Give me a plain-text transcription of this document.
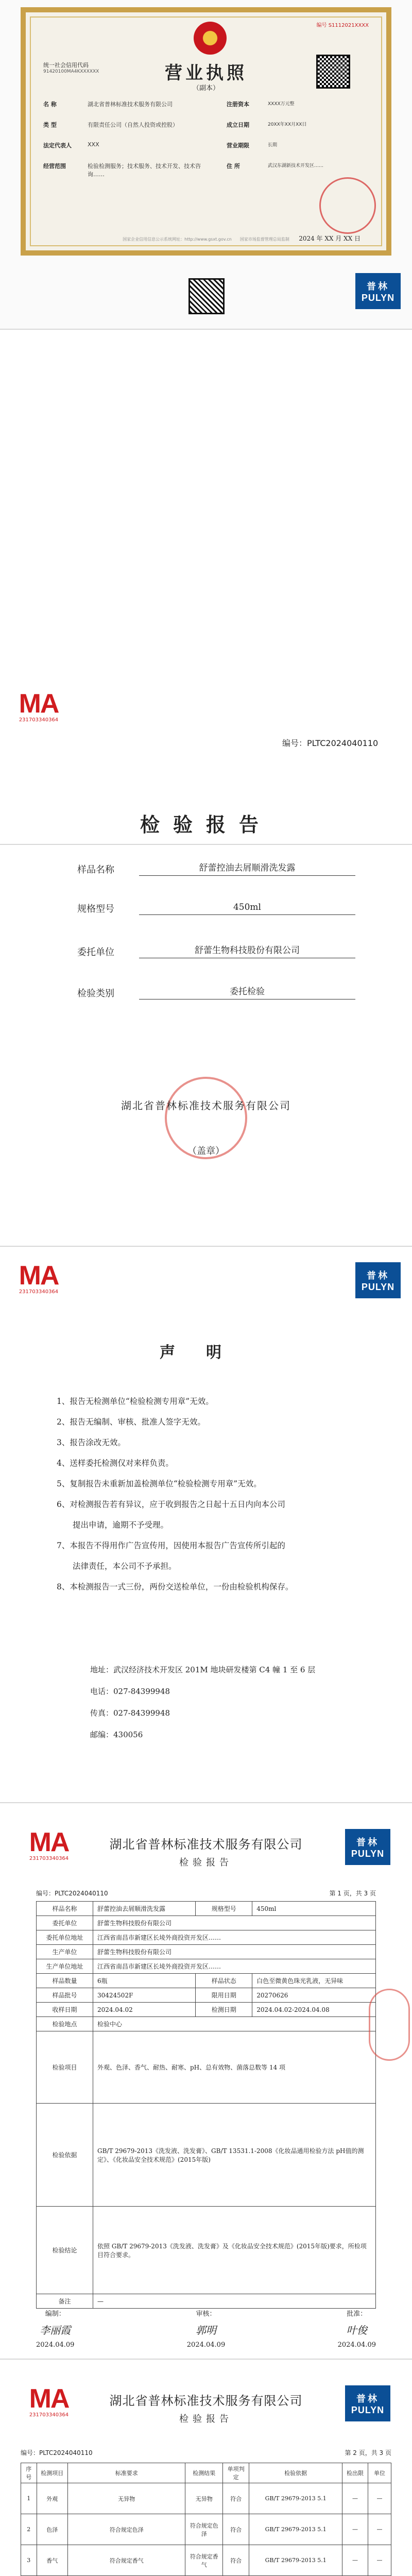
编号 S1112021XXXX
统一社会信用代码
91420100MA4KXXXXXX	营业执照
（副本）
名 称	湖北省普林标准技术服务有限公司
类 型	有限责任公司（自然人投资或控股）
法定代表人	XXX
经营范围	检验检测服务；技术服务、技术开发、技术咨询……
注册资本	XXXX万元整
成立日期	20XX年XX月XX日
营业期限	长期
住 所	武汉东湖新技术开发区……
2024 年 XX 月 XX 日
国家企业信用信息公示系统网址：http://www.gsxt.gov.cn　　国家市场监督管理总局监制
普林
PULYN
MA
231703340364
编号：PLTC2024040110
检验报告
样品名称	舒蕾控油去屑顺滑洗发露
规格型号	450ml
委托单位	舒蕾生物科技股份有限公司
检验类别	委托检验
湖北省普林标准技术服务有限公司
（盖章）
MA
231703340364
普林
PULYN
声明
1、报告无检测单位“检验检测专用章”无效。
2、报告无编制、审核、批准人签字无效。
3、报告涂改无效。
4、送样委托检测仅对来样负责。
5、复制报告未重新加盖检测单位“检验检测专用章”无效。
6、对检测报告若有异议，应于收到报告之日起十五日内向本公司
　　提出申请，逾期不予受理。
7、本报告不得用作广告宣传用，因使用本报告广告宣传所引起的
　　法律责任，本公司不予承担。
8、本检测报告一式三份，两份交送检单位，一份由检验机构保存。
地址： 武汉经济技术开发区 201M 地块研发楼第 C4 幢 1 至 6 层
电话： 027-84399948
传真： 027-84399948
邮编： 430056
MA
231703340364
普林
PULYN
湖北省普林标准技术服务有限公司
检验报告
编号：PLTC2024040110	第 1 页，共 3 页
样品名称	舒蕾控油去屑顺滑洗发露	规格型号	450ml
委托单位	舒蕾生物科技股份有限公司		
委托单位地址	江西省南昌市新建区长堎外商投资开发区……		
生产单位	舒蕾生物科技股份有限公司		
生产单位地址	江西省南昌市新建区长堎外商投资开发区……		
样品数量	6瓶	样品状态	白色至微黄色珠光乳液，无异味
样品批号	30424502F	限用日期	20270626
收样日期	2024.04.02	检测日期	2024.04.02-2024.04.08
检验地点	检验中心		
检验项目	外观、色泽、香气、耐热、耐寒、pH、总有效物、菌落总数等 14 项		
检验依据	GB/T 29679-2013《洗发液、洗发膏》、GB/T 13531.1-2008《化妆品通用检验方法 pH值的测定》、《化妆品安全技术规范》(2015年版)		
检验结论	依照 GB/T 29679-2013《洗发液、洗发膏》及《化妆品安全技术规范》(2015年版)要求，所检项目符合要求。		
备注	—		
编制：
李丽霞
2024.04.09
审核：
郭明
2024.04.09
批准：
叶俊
2024.04.09
MA
231703340364
普林
PULYN
湖北省普林标准技术服务有限公司
检验报告
编号：PLTC2024040110	第 2 页，共 3 页
序号	检测项目	标准要求	检测结果	单项判定	检验依据	检出限	单位
1	外观	无异物	无异物	符合	GB/T 29679-2013 5.1	—	—
2	色泽	符合规定色泽	符合规定色泽	符合	GB/T 29679-2013 5.1	—	—
3	香气	符合规定香气	符合规定香气	符合	GB/T 29679-2013 5.1	—	—
